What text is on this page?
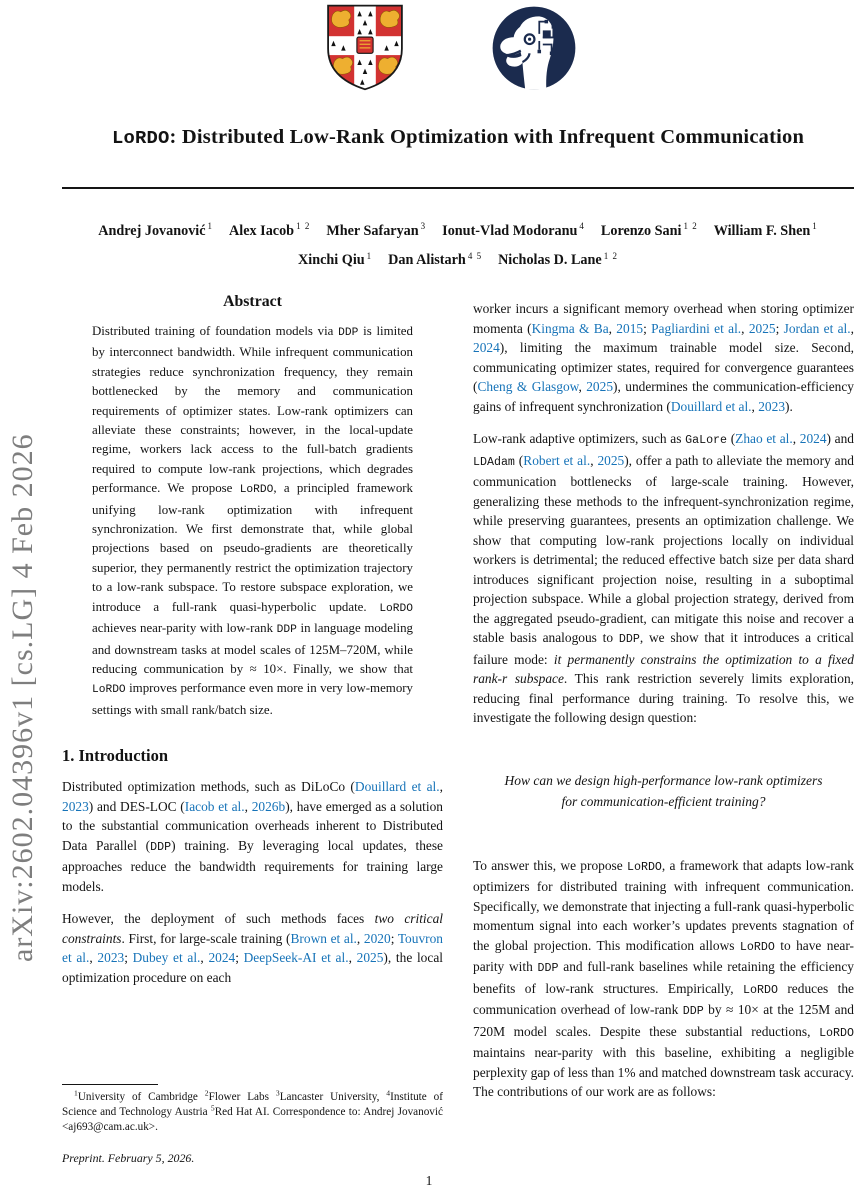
arXiv:2602.04396v1 [cs.LG] 4 Feb 2026
LoRDO: Distributed Low-Rank Optimization with Infrequent Communication
Andrej Jovanović $^1$ Alex Iacob $^{1 2}$ Mher Safaryan $^3$ Ionut-Vlad Modoranu $^4$ Lorenzo Sani $^{1 2}$ William F. Shen $^1$
Xinchi Qiu $^1$ Dan Alistarh $^{4 5}$ Nicholas D. Lane $^{1 2}$
Abstract

Distributed training of foundation models via DDP is limited by interconnect bandwidth. While infrequent communication strategies reduce synchronization frequency, they remain bottlenecked by the memory and communication requirements of optimizer states. Low-rank optimizers can alleviate these constraints; however, in the local-update regime, workers lack access to the full-batch gradients required to compute low-rank projections, which degrades performance. We propose LoRDO, a principled framework unifying low-rank optimization with infrequent synchronization. We first demonstrate that, while global projections based on pseudo-gradients are theoretically superior, they permanently restrict the optimization trajectory to a low-rank subspace. To restore subspace exploration, we introduce a full-rank quasi-hyperbolic update. LoRDO achieves near-parity with low-rank DDP in language modeling and downstream tasks at model scales of 125M–720M, while reducing communication by ≈ 10×. Finally, we show that LoRDO improves performance even more in very low-memory settings with small rank/batch size.

1. Introduction

Distributed optimization methods, such as DiLoCo (Douillard et al., 2023) and DES-LOC (Iacob et al., 2026b), have emerged as a solution to the substantial communication overheads inherent to Distributed Data Parallel (DDP) training. By leveraging local updates, these approaches reduce the bandwidth requirements for training large models.

However, the deployment of such methods faces two critical constraints. First, for large-scale training (Brown et al., 2020; Touvron et al., 2023; Dubey et al., 2024; DeepSeek-AI et al., 2025), the local optimization procedure on each

$^1$University of Cambridge $^2$Flower Labs $^3$Lancaster University, $^4$Institute of Science and Technology Austria $^5$Red Hat AI. Correspondence to: Andrej Jovanović <aj693@cam.ac.uk>.

Preprint. February 5, 2026.

worker incurs a significant memory overhead when storing optimizer momenta (Kingma & Ba, 2015; Pagliardini et al., 2025; Jordan et al., 2024), limiting the maximum trainable model size. Second, communicating optimizer states, required for convergence guarantees (Cheng & Glasgow, 2025), undermines the communication-efficiency gains of infrequent synchronization (Douillard et al., 2023).

Low-rank adaptive optimizers, such as GaLore (Zhao et al., 2024) and LDAdam (Robert et al., 2025), offer a path to alleviate the memory and communication bottlenecks of large-scale training. However, generalizing these methods to the infrequent-synchronization regime, while preserving guarantees, presents an optimization challenge. We show that computing low-rank projections locally on individual workers is detrimental; the reduced effective batch size per data shard introduces significant projection noise, resulting in a suboptimal projection subspace. While a global projection strategy, derived from the aggregated pseudo-gradient, can mitigate this noise and recover a stable basis analogous to DDP, we show that it introduces a critical failure mode: it permanently constrains the optimization to a fixed rank-r subspace. This rank restriction severely limits exploration, reducing final performance during training. To resolve this, we investigate the following design question:

How can we design high-performance low-rank optimizers for communication-efficient training?

To answer this, we propose LoRDO, a framework that adapts low-rank optimizers for distributed training with infrequent communication. Specifically, we demonstrate that injecting a full-rank quasi-hyperbolic momentum signal into each worker’s updates prevents stagnation of the global projection. This modification allows LoRDO to have near-parity with DDP and full-rank baselines while retaining the efficiency benefits of low-rank structures. Empirically, LoRDO reduces the communication overhead of low-rank DDP by ≈ 10× at the 125M and 720M model scales. Despite these substantial reductions, LoRDO maintains near-parity with this baseline, exhibiting a negligible perplexity gap of less than 1% and matched downstream task accuracy. The contributions of our work are as follows:

1
